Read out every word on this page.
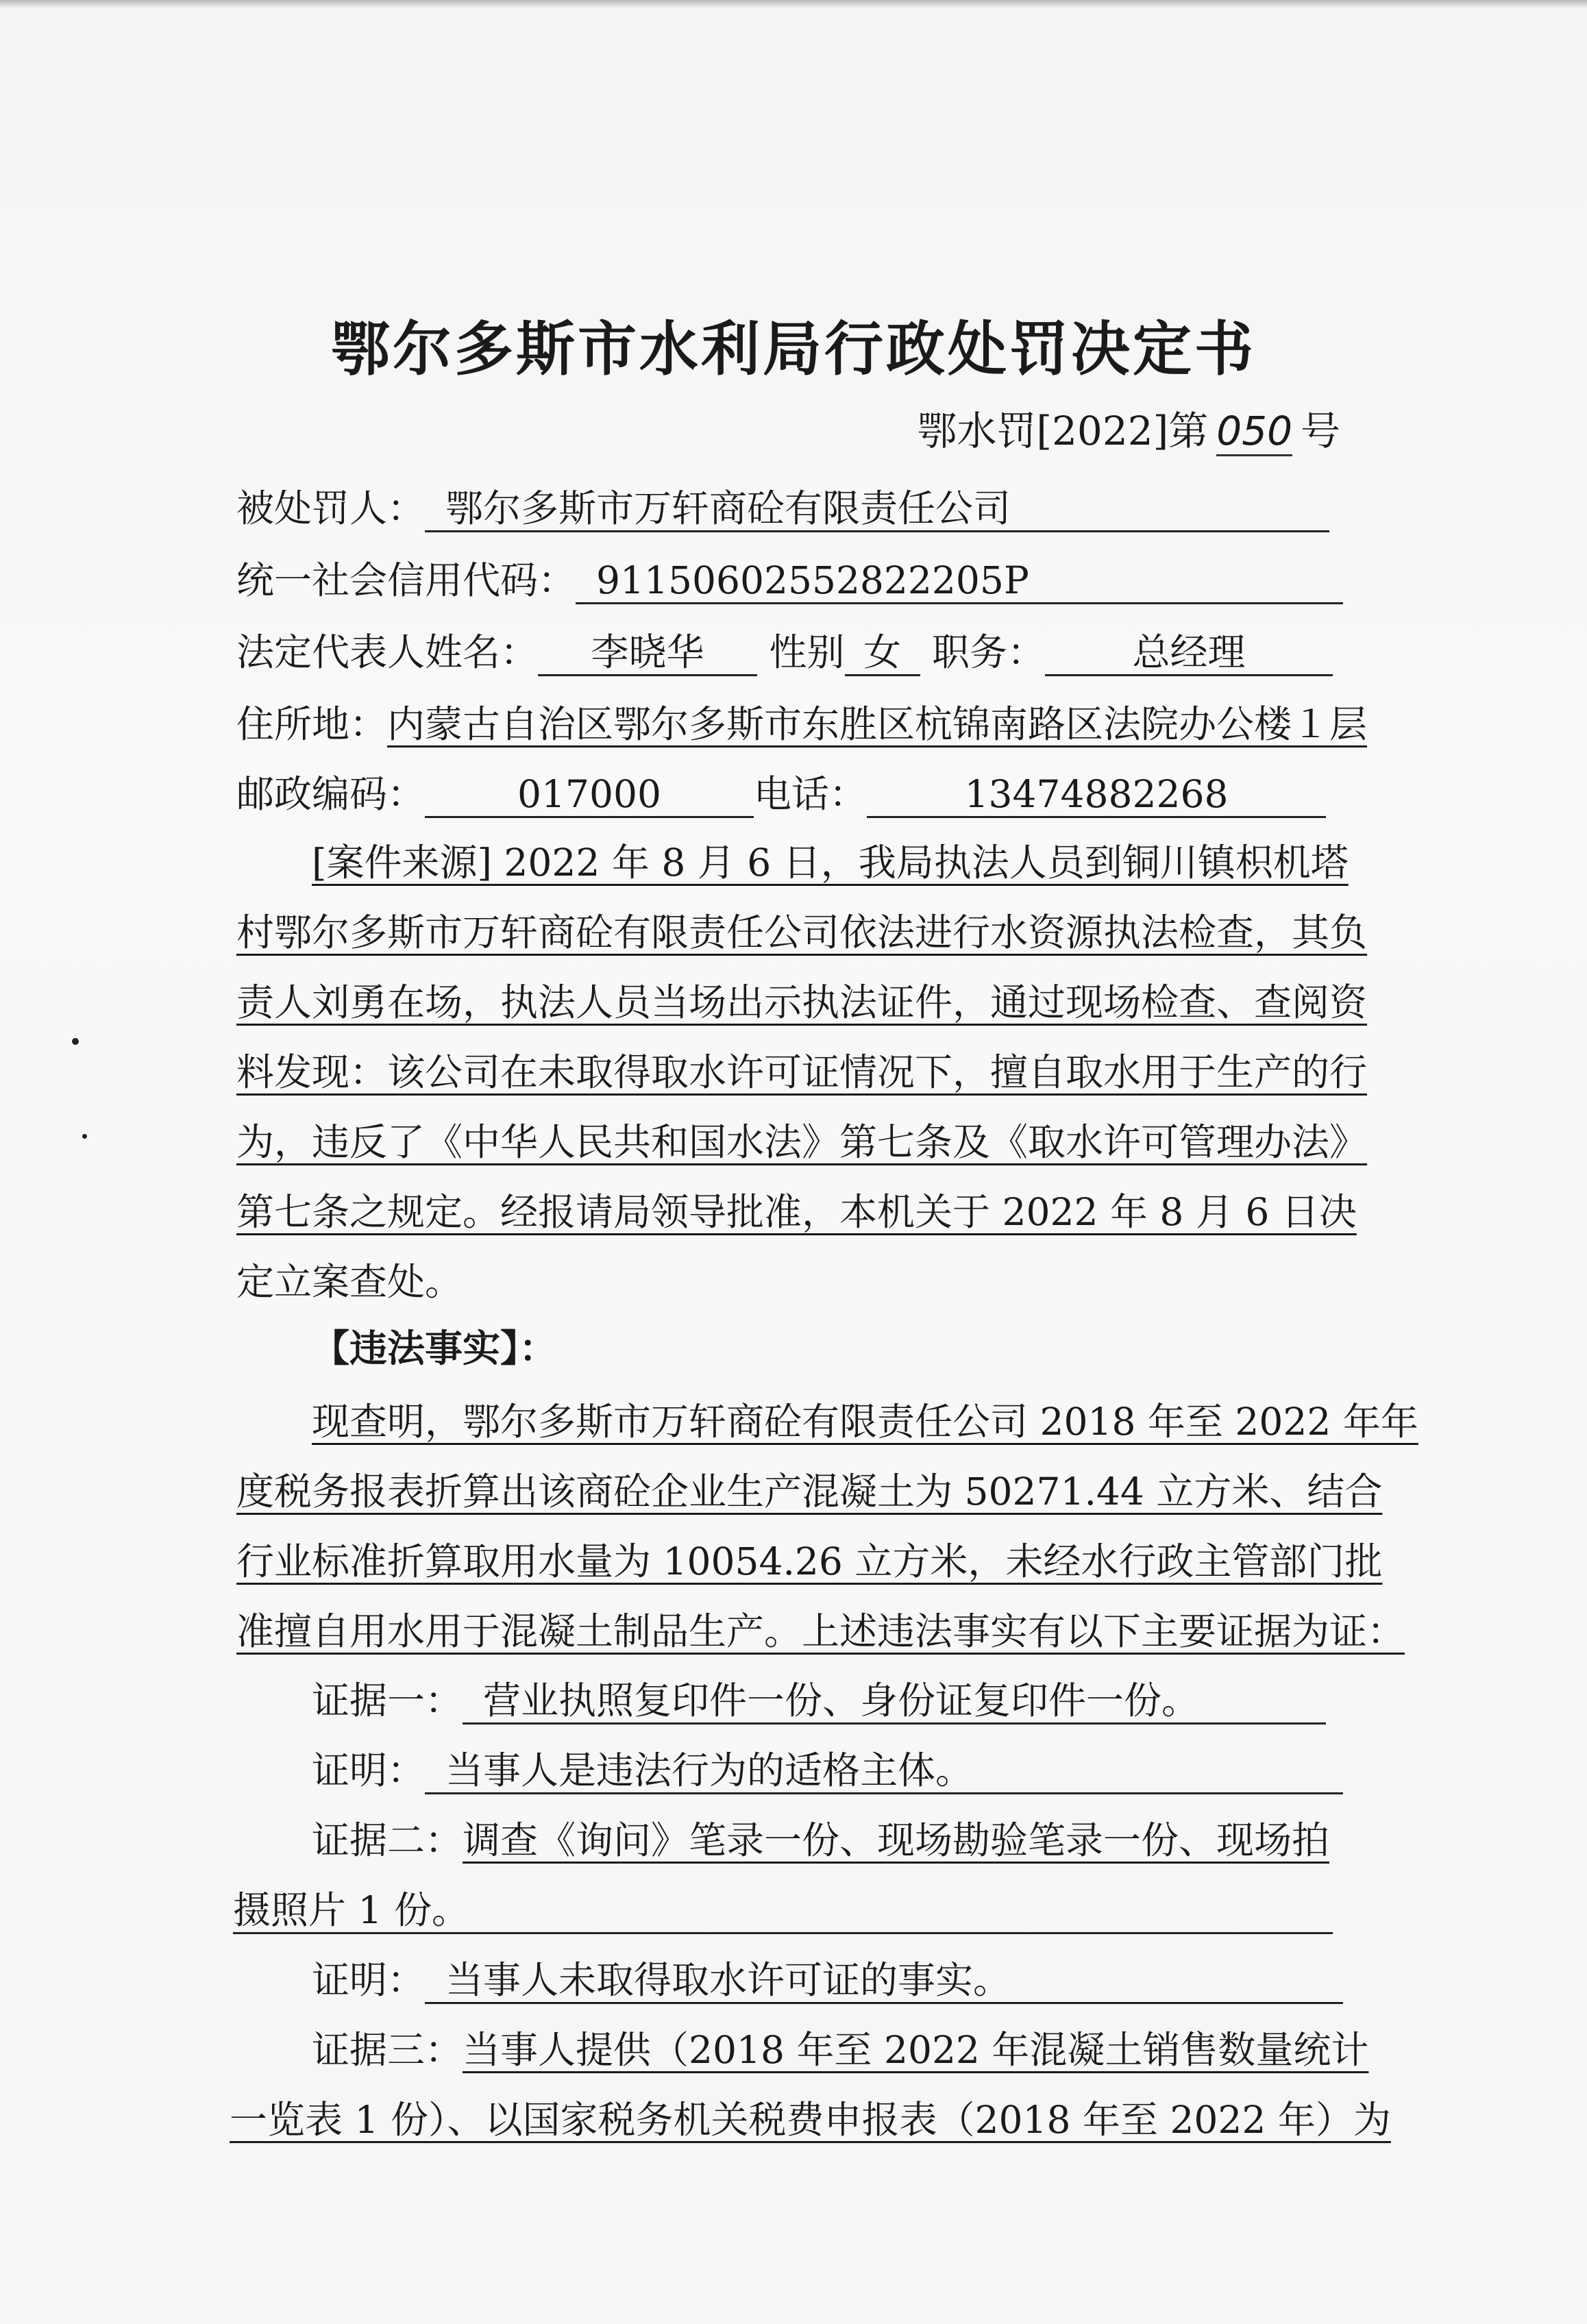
鄂尔多斯市水利局行政处罚决定书
鄂水罚[2022]第 050 号
被处罚人： 鄂尔多斯市万轩商砼有限责任公司
统一社会信用代码： 91150602552822205P
法定代表人姓名： 李晓华 性别 女 职务： 总经理
住所地：内蒙古自治区鄂尔多斯市东胜区杭锦南路区法院办公楼１层
邮政编码： 017000 电话：	13474882268
[案件来源] 2022 年 8 月 6 日，我局执法人员到铜川镇枳机塔
村鄂尔多斯市万轩商砼有限责任公司依法进行水资源执法检查，其负
责人刘勇在场，执法人员当场出示执法证件，通过现场检查、查阅资
料发现：该公司在未取得取水许可证情况下，擅自取水用于生产的行
为，违反了《中华人民共和国水法》第七条及《取水许可管理办法》
第七条之规定。经报请局领导批准，本机关于 2022 年 8 月 6 日决
定立案查处。
【违法事实】：
现查明，鄂尔多斯市万轩商砼有限责任公司 2018 年至 2022 年年
度税务报表折算出该商砼企业生产混凝土为 50271.44 立方米、结合
行业标准折算取用水量为 10054.26 立方米，未经水行政主管部门批
准擅自用水用于混凝土制品生产。上述违法事实有以下主要证据为证：
证据一： 营业执照复印件一份、身份证复印件一份。
证明： 当事人是违法行为的适格主体。
证据二：调查《询问》笔录一份、现场勘验笔录一份、现场拍
摄照片 1 份。
证明： 当事人未取得取水许可证的事实。
证据三：当事人提供（2018 年至 2022 年混凝土销售数量统计
一览表 1 份）、以国家税务机关税费申报表（2018 年至 2022 年）为
